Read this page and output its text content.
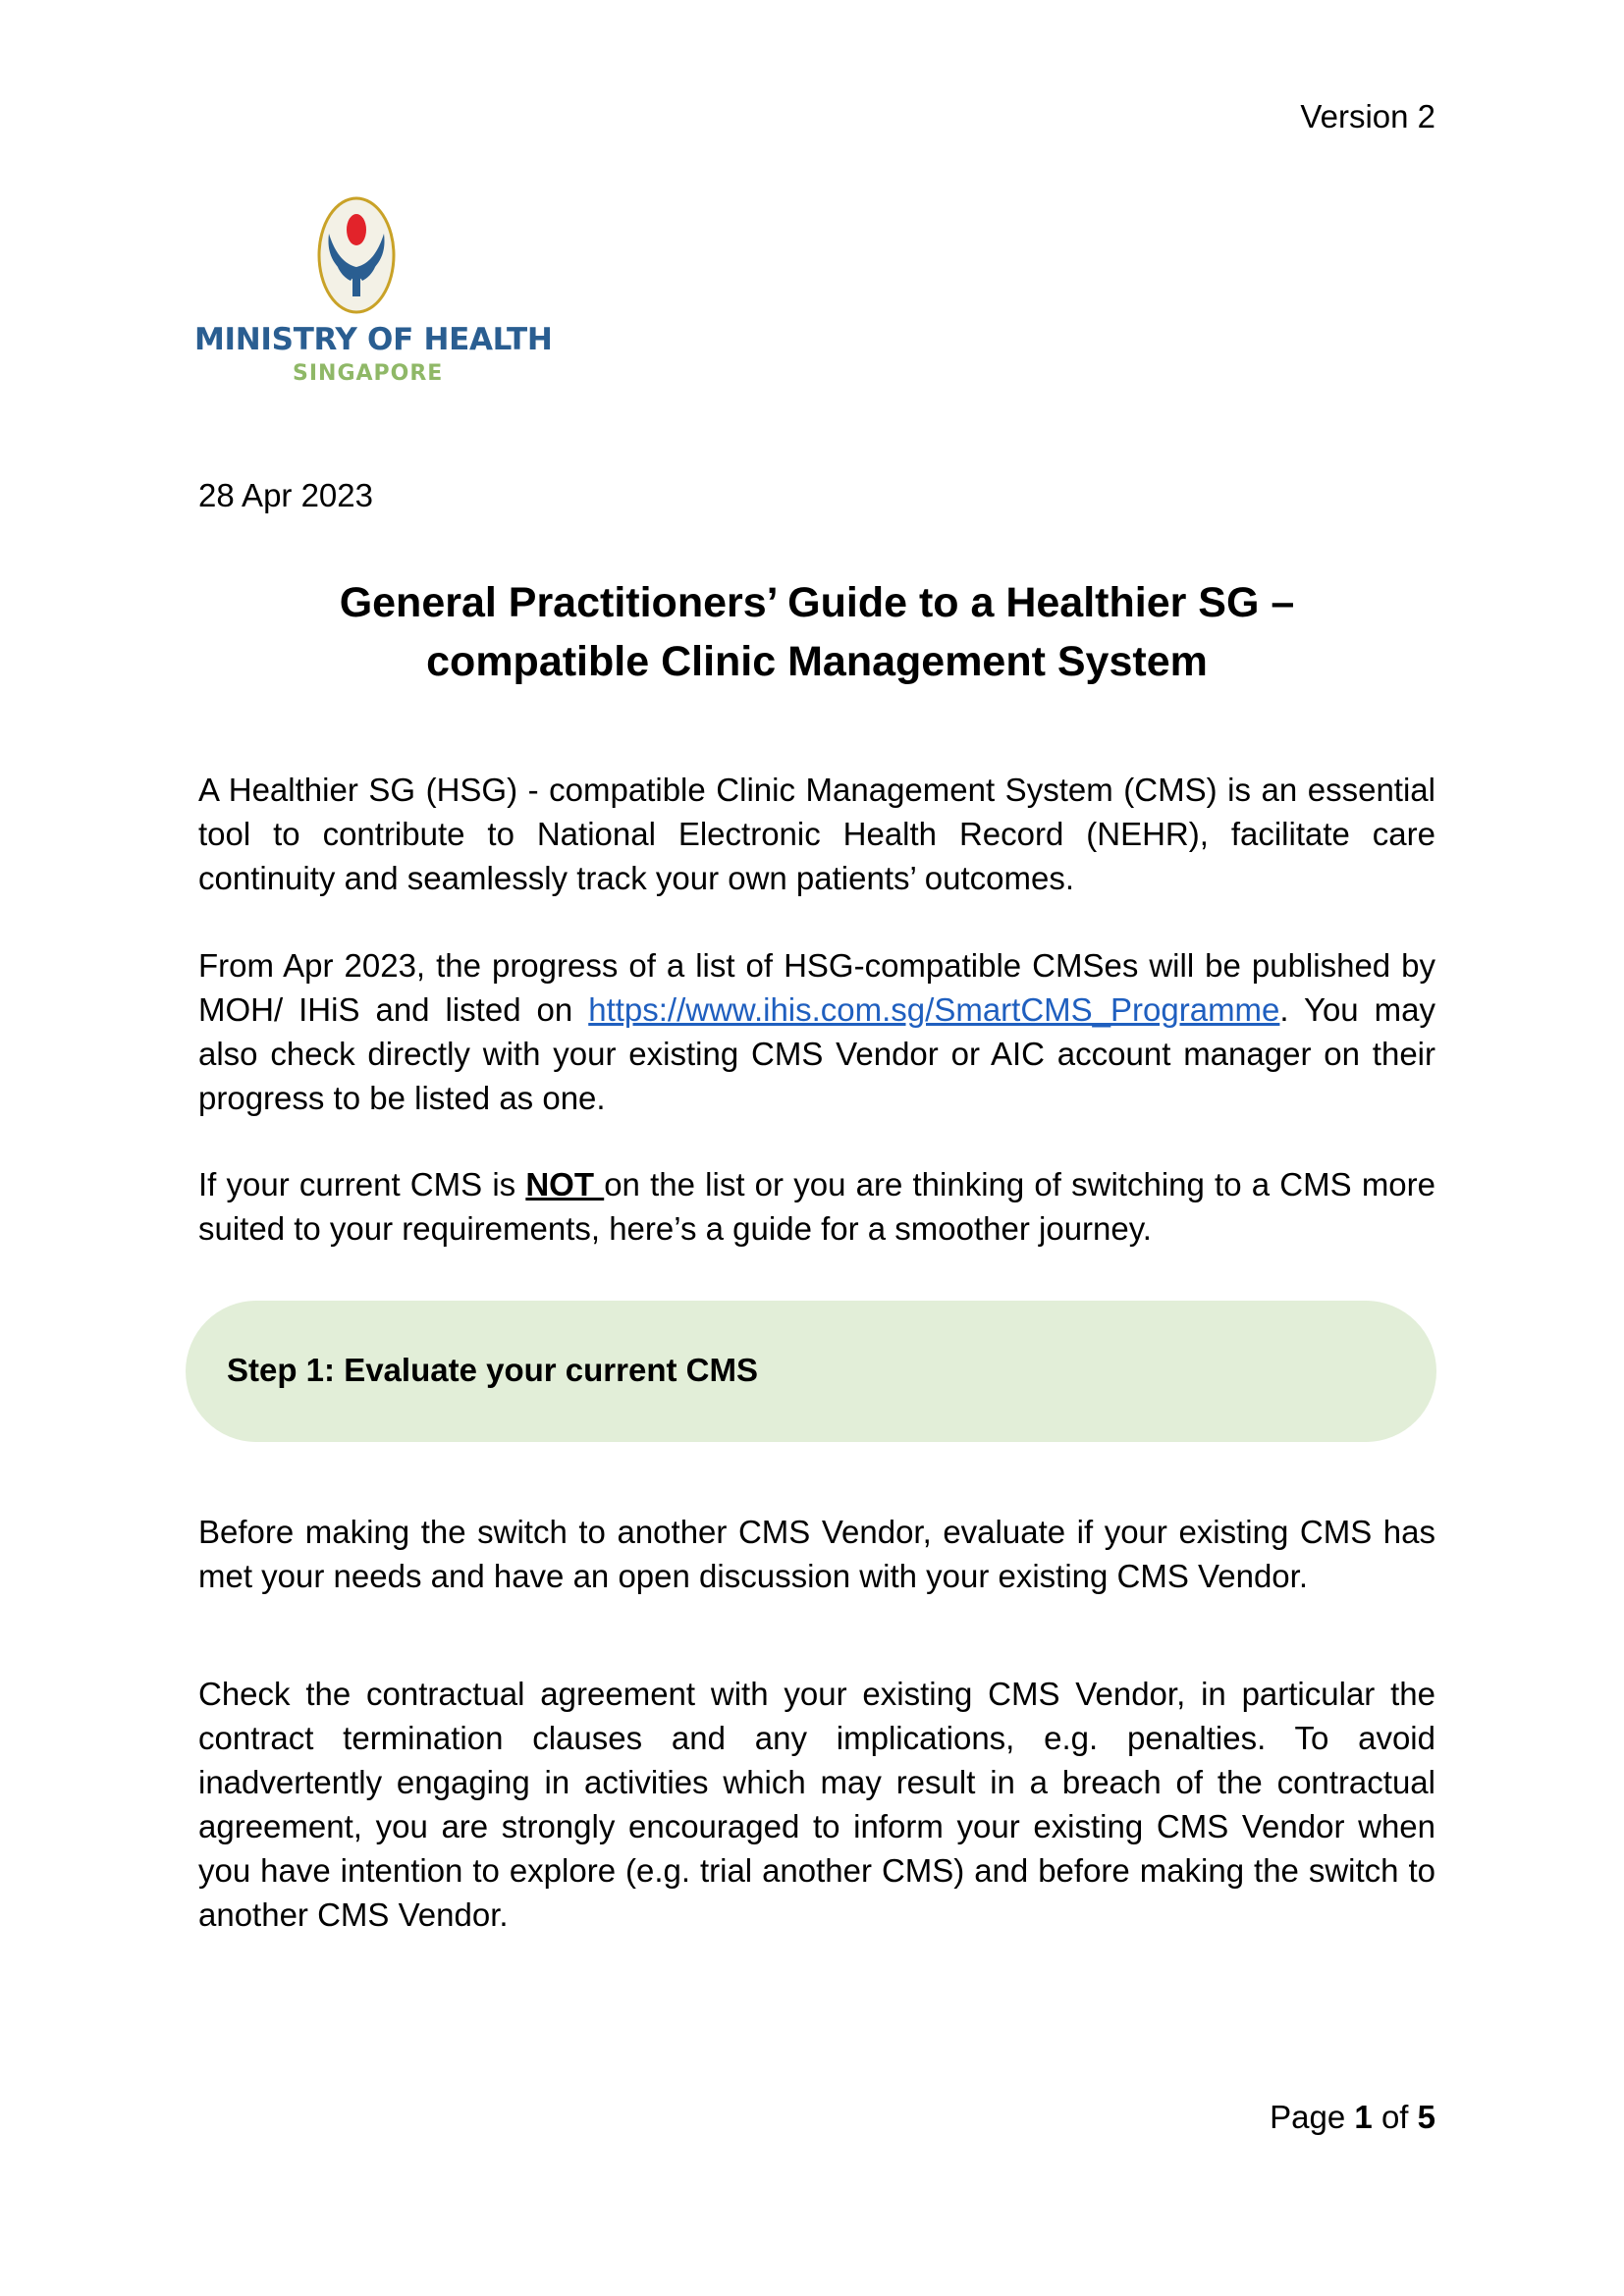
Version 2
MINISTRY OF HEALTH
SINGAPORE
28 Apr 2023
General Practitioners’ Guide to a Healthier SG –
compatible Clinic Management System
A Healthier SG (HSG) - compatible Clinic Management System (CMS) is an essential tool to contribute to National Electronic Health Record (NEHR), facilitate care continuity and seamlessly track your own patients’ outcomes.
From Apr 2023, the progress of a list of HSG-compatible CMSes will be published by MOH/ IHiS and listed on https://www.ihis.com.sg/SmartCMS_Programme. You may also check directly with your existing CMS Vendor or AIC account manager on their progress to be listed as one.
If your current CMS is NOT on the list or you are thinking of switching to a CMS more suited to your requirements, here’s a guide for a smoother journey.
Step 1: Evaluate your current CMS
Before making the switch to another CMS Vendor, evaluate if your existing CMS has met your needs and have an open discussion with your existing CMS Vendor.
Check the contractual agreement with your existing CMS Vendor, in particular the contract termination clauses and any implications, e.g. penalties. To avoid inadvertently engaging in activities which may result in a breach of the contractual agreement, you are strongly encouraged to inform your existing CMS Vendor when you have intention to explore (e.g. trial another CMS) and before making the switch to another CMS Vendor.
Page 1 of 5
